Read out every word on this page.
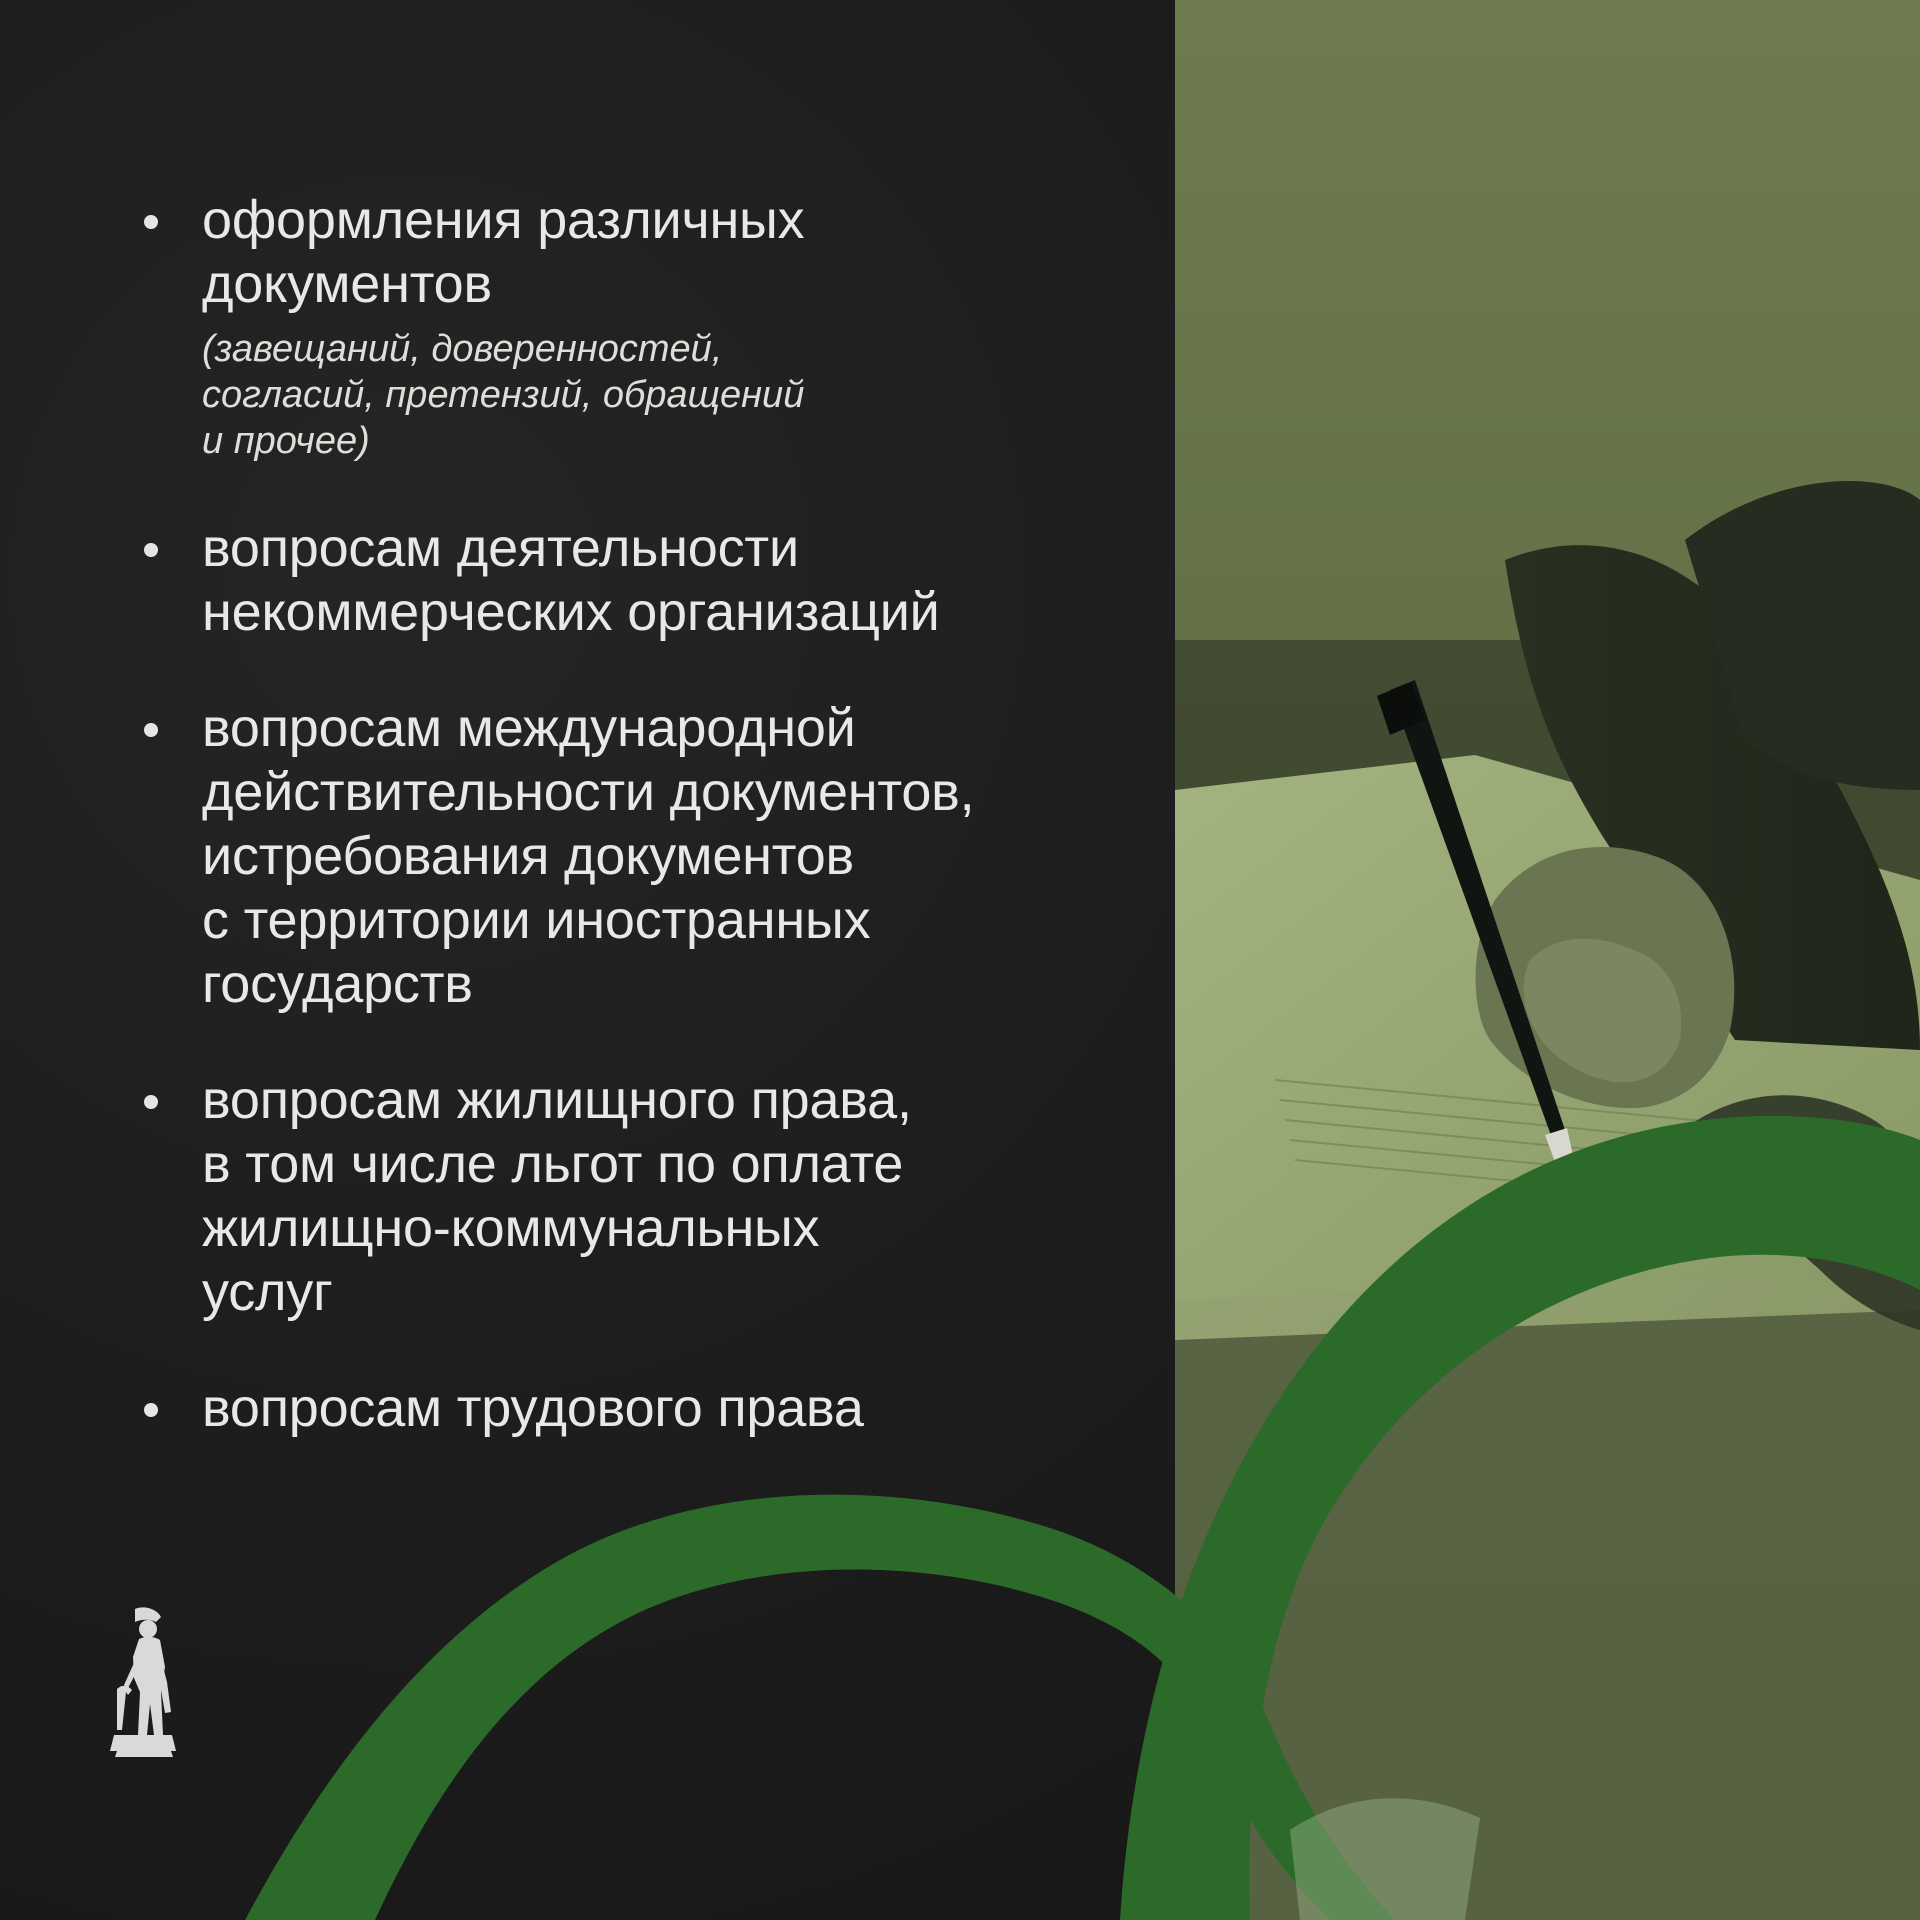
оформления различных
документов

(завещаний, доверенностей,
согласий, претензий, обращений
и прочее)

вопросам деятельности
некоммерческих организаций

вопросам международной
действительности документов,
истребования документов
с территории иностранных
государств

вопросам жилищного права,
в том числе льгот по оплате
жилищно-коммунальных
услуг

вопросам трудового права
